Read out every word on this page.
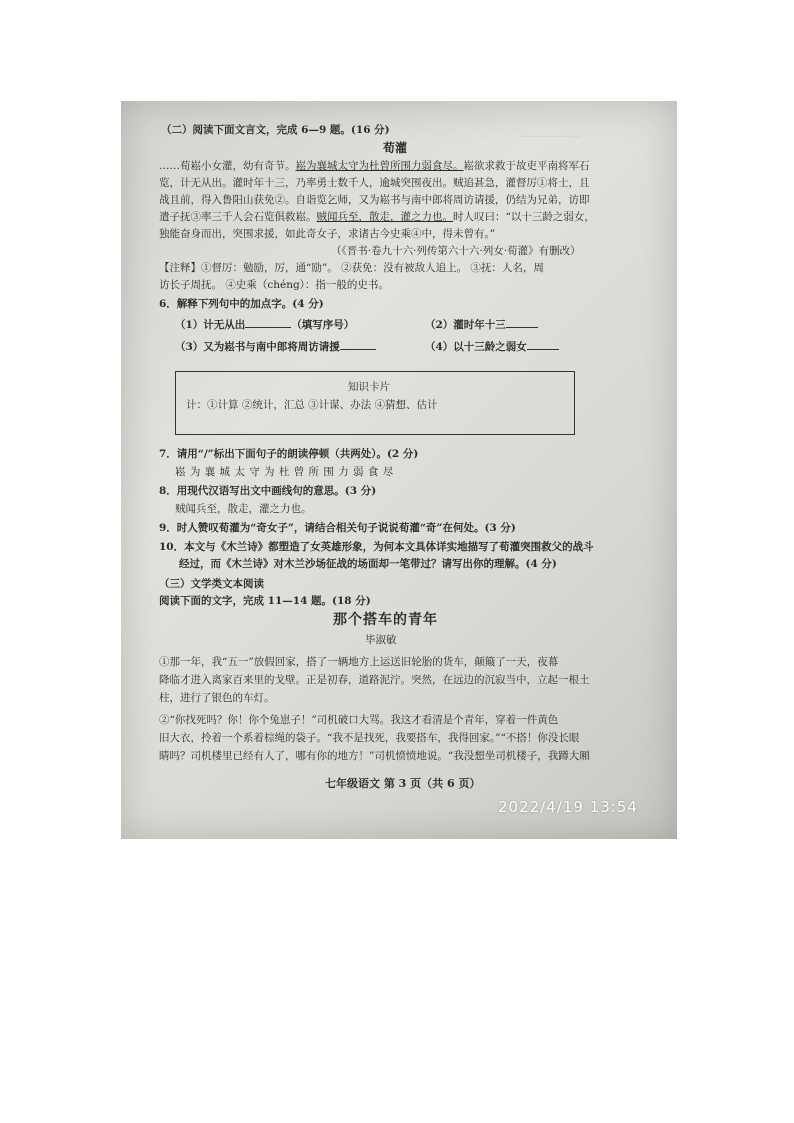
——————
（二）阅读下面文言文，完成 6—9 题。(16 分)
荀灌
……荀崧小女灌，幼有奇节。崧为襄城太守为杜曾所围力弱食尽。崧欲求救于故吏平南将军石
览，计无从出。灌时年十三，乃率勇士数千人，逾城突围夜出。贼追甚急，灌督厉①将士，且
战且前，得入鲁阳山获免②。自诣览乞师，又为崧书与南中郎将周访请援，仍结为兄弟，访即
遣子抚③率三千人会石览俱救崧。贼闻兵至，散走，灌之力也。时人叹曰：“以十三龄之弱女，
独能奋身而出，突围求援，如此奇女子，求诸古今史乘④中，得未曾有。”
（《晋书·卷九十六·列传第六十六·列女·荀灌》有删改）
【注释】①督厉：勉励，厉，通“励”。 ②获免：没有被敌人追上。 ③抚：人名，周
访长子周抚。 ④史乘（chéng）：指一般的史书。
6．解释下列句中的加点字。(4 分)
（1）计无从出	（填写序号）	（2）灌时年十三
（3）又为崧书与南中郎将周访请援	（4）以十三龄之弱女
知识卡片
计：①计算 ②统计，汇总 ③计谋、办法 ④猜想、估计
7．请用“/”标出下面句子的朗读停顿（共两处）。(2 分)
崧 为 襄 城 太 守 为 杜 曾 所 围 力 弱 食 尽
8．用现代汉语写出文中画线句的意思。(3 分)
贼闻兵至，散走，灌之力也。
9．时人赞叹荀灌为“奇女子”，请结合相关句子说说荀灌“奇”在何处。(3 分)
10．本文与《木兰诗》都塑造了女英雄形象，为何本文具体详实地描写了荀灌突围救父的战斗
经过，而《木兰诗》对木兰沙场征战的场面却一笔带过？请写出你的理解。(4 分)
（三）文学类文本阅读
阅读下面的文字，完成 11—14 题。(18 分)
那个搭车的青年
毕淑敏
①那一年，我“五一”放假回家，搭了一辆地方上运送旧轮胎的货车，颠簸了一天，夜幕
降临才进入离家百来里的戈壁。正是初春，道路泥泞。突然，在远边的沉寂当中，立起一根土
柱，进行了银色的车灯。
②“你找死吗？你！你个兔崽子！”司机破口大骂。我这才看清是个青年，穿着一件黄色
旧大衣，拎着一个系着棕绳的袋子。“我不是找死，我要搭车，我得回家。”“不搭！你没长眼
睛吗？司机楼里已经有人了，哪有你的地方！”司机愤愤地说。“我没想坐司机楼子，我蹲大厢
七年级语文 第 3 页（共 6 页）
2022/4/19 13:54
